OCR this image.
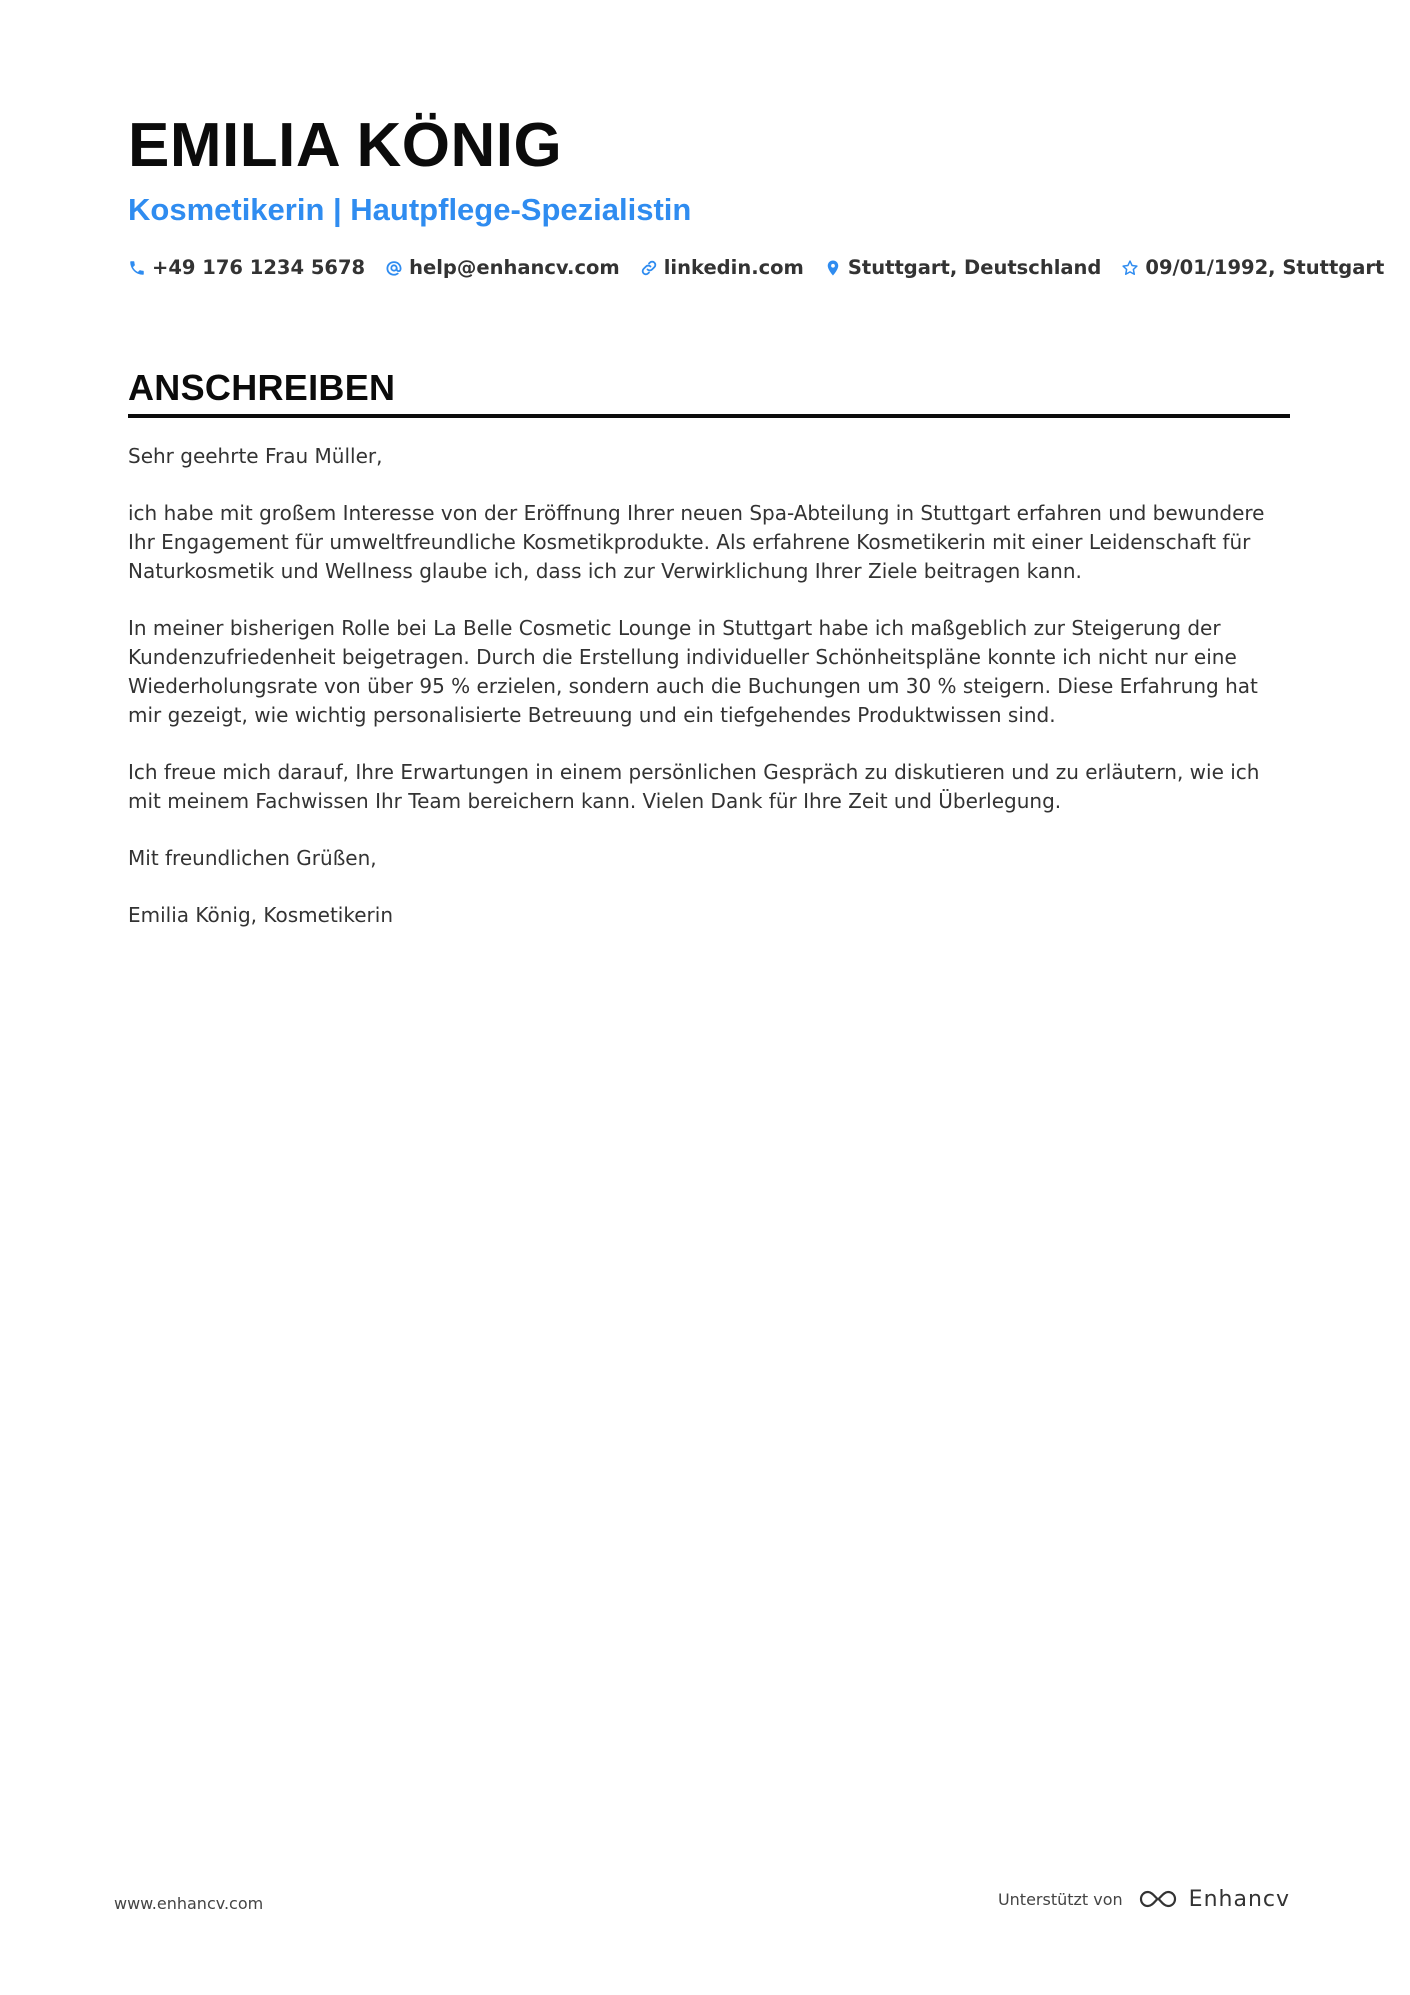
EMILIA KÖNIG
Kosmetikerin | Hautpflege-Spezialistin
+49 176 1234 5678 help@enhancv.com linkedin.com Stuttgart, Deutschland 09/01/1992, Stuttgart
ANSCHREIBEN

Sehr geehrte Frau Müller,

ich habe mit großem Interesse von der Eröffnung Ihrer neuen Spa-Abteilung in Stuttgart erfahren und bewundere Ihr Engagement für umweltfreundliche Kosmetikprodukte. Als erfahrene Kosmetikerin mit einer Leidenschaft für Naturkosmetik und Wellness glaube ich, dass ich zur Verwirklichung Ihrer Ziele beitragen kann.

In meiner bisherigen Rolle bei La Belle Cosmetic Lounge in Stuttgart habe ich maßgeblich zur Steigerung der Kundenzufriedenheit beigetragen. Durch die Erstellung individueller Schönheitspläne konnte ich nicht nur eine Wiederholungsrate von über 95 % erzielen, sondern auch die Buchungen um 30 % steigern. Diese Erfahrung hat mir gezeigt, wie wichtig personalisierte Betreuung und ein tiefgehendes Produktwissen sind.

Ich freue mich darauf, Ihre Erwartungen in einem persönlichen Gespräch zu diskutieren und zu erläutern, wie ich mit meinem Fachwissen Ihr Team bereichern kann. Vielen Dank für Ihre Zeit und Überlegung.

Mit freundlichen Grüßen,

Emilia König, Kosmetikerin

www.enhancv.com	Unterstützt von	Enhancv
